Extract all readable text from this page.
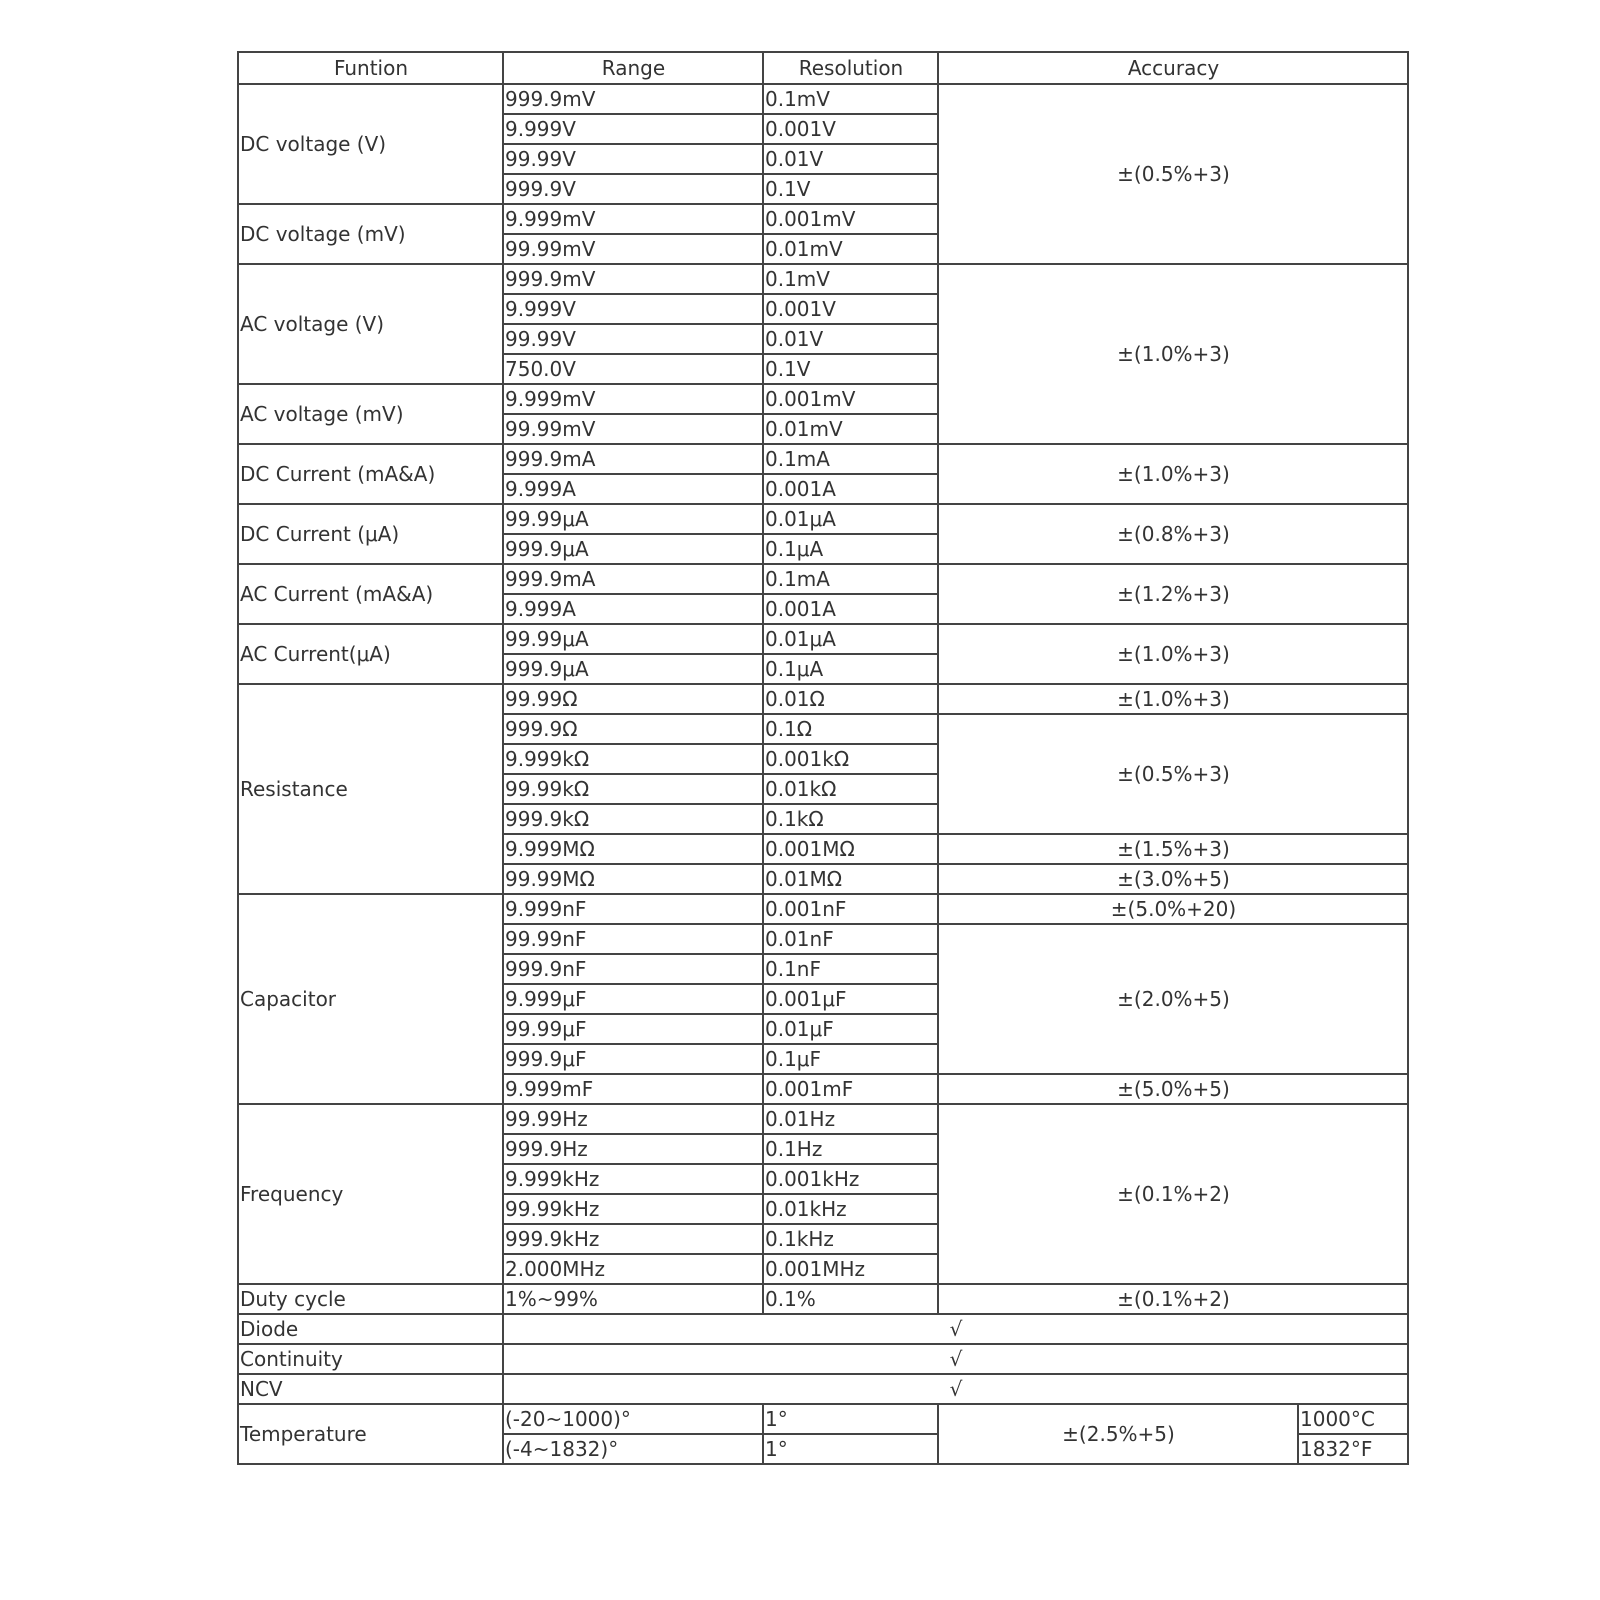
Funtion	Range	Resolution	Accuracy	
DC voltage (V)	999.9mV	0.1mV	±(0.5%+3)	
	9.999V	0.001V		
	99.99V	0.01V		
	999.9V	0.1V		
DC voltage (mV)	9.999mV	0.001mV		
	99.99mV	0.01mV		
AC voltage (V)	999.9mV	0.1mV	±(1.0%+3)	
	9.999V	0.001V		
	99.99V	0.01V		
	750.0V	0.1V		
AC voltage (mV)	9.999mV	0.001mV		
	99.99mV	0.01mV		
DC Current (mA&A)	999.9mA	0.1mA	±(1.0%+3)	
	9.999A	0.001A		
DC Current (μA)	99.99μA	0.01μA	±(0.8%+3)	
	999.9μA	0.1μA		
AC Current (mA&A)	999.9mA	0.1mA	±(1.2%+3)	
	9.999A	0.001A		
AC Current(μA)	99.99μA	0.01μA	±(1.0%+3)	
	999.9μA	0.1μA		
Resistance	99.99Ω	0.01Ω	±(1.0%+3)	
	999.9Ω	0.1Ω	±(0.5%+3)	
	9.999kΩ	0.001kΩ		
	99.99kΩ	0.01kΩ		
	999.9kΩ	0.1kΩ		
	9.999MΩ	0.001MΩ	±(1.5%+3)	
	99.99MΩ	0.01MΩ	±(3.0%+5)	
Capacitor	9.999nF	0.001nF	±(5.0%+20)	
	99.99nF	0.01nF	±(2.0%+5)	
	999.9nF	0.1nF		
	9.999μF	0.001μF		
	99.99μF	0.01μF		
	999.9μF	0.1μF		
	9.999mF	0.001mF	±(5.0%+5)	
Frequency	99.99Hz	0.01Hz	±(0.1%+2)	
	999.9Hz	0.1Hz		
	9.999kHz	0.001kHz		
	99.99kHz	0.01kHz		
	999.9kHz	0.1kHz		
	2.000MHz	0.001MHz		
Duty cycle	1%~99%	0.1%	±(0.1%+2)	
Diode	√			
Continuity	√			
NCV	√			
Temperature	(-20~1000)°	1°	±(2.5%+5)	1000°C
	(-4~1832)°	1°		1832°F
